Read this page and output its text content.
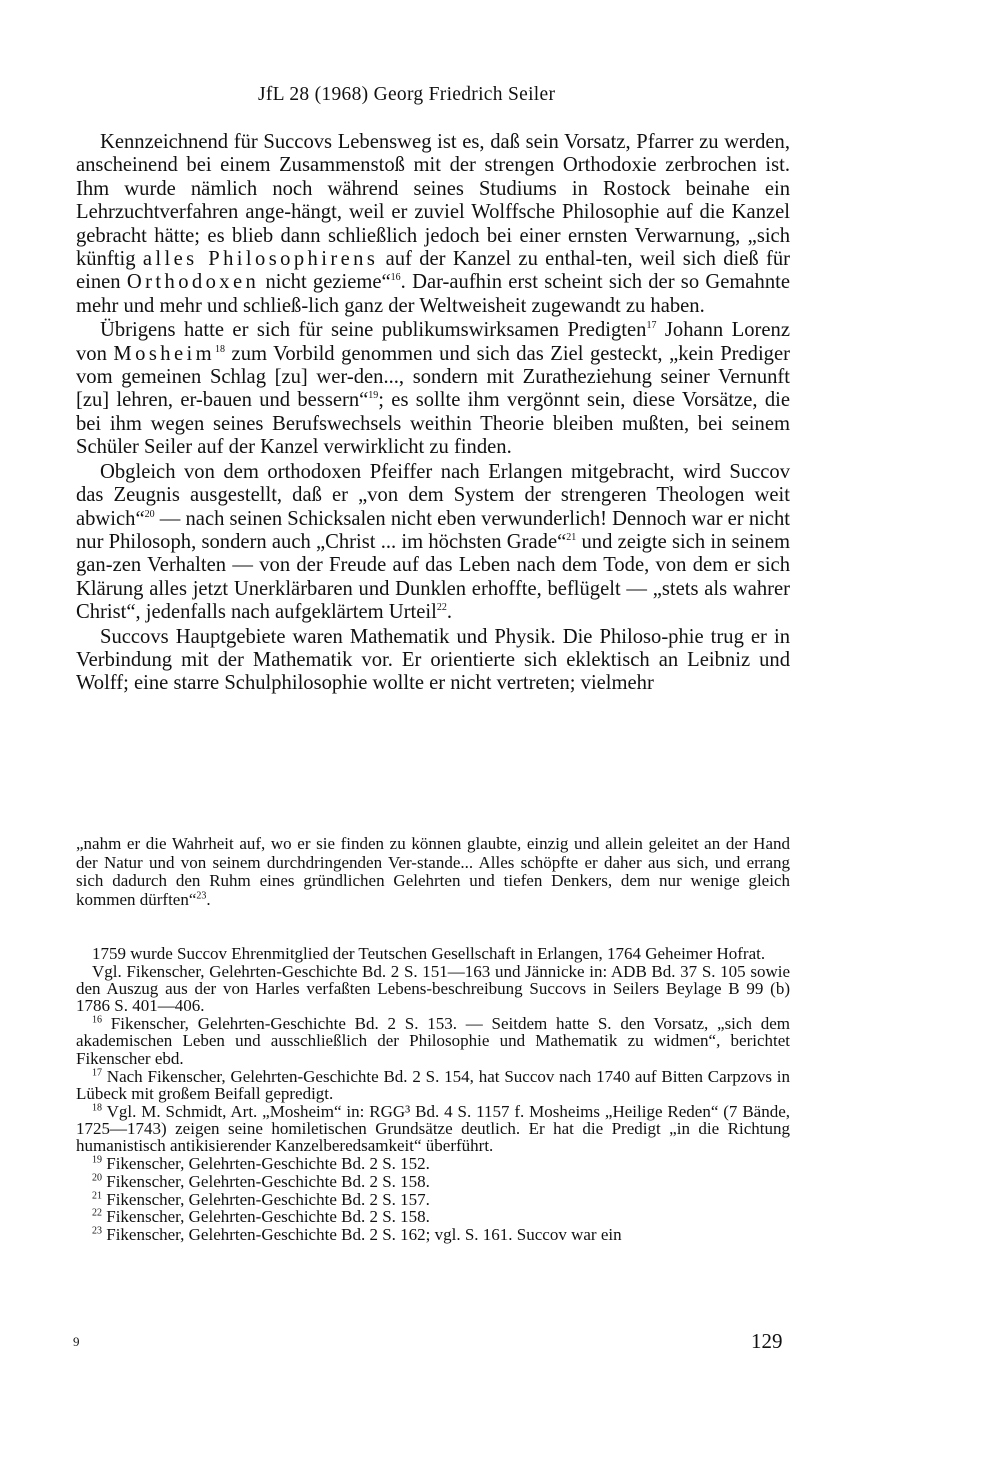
JfL 28 (1968) Georg Friedrich Seiler

Kennzeichnend für Succovs Lebensweg ist es, daß sein Vorsatz, Pfarrer zu werden, anscheinend bei einem Zusammenstoß mit der strengen Orthodoxie zerbrochen ist. Ihm wurde nämlich noch während seines Studiums in Rostock beinahe ein Lehrzuchtverfahren ange-hängt, weil er zuviel Wolffsche Philosophie auf die Kanzel gebracht hätte; es blieb dann schließlich jedoch bei einer ernsten Verwarnung, „sich künftig alles Philosophirens auf der Kanzel zu enthal-ten, weil sich dieß für einen Orthodoxen nicht gezieme“$^{16}$. Dar-aufhin erst scheint sich der so Gemahnte mehr und mehr und schließ-lich ganz der Weltweisheit zugewandt zu haben.

Übrigens hatte er sich für seine publikumswirksamen Predigten$^{17}$ Johann Lorenz von Mosheim$^{18}$ zum Vorbild genommen und sich das Ziel gesteckt, „kein Prediger vom gemeinen Schlag [zu] wer-den..., sondern mit Zuratheziehung seiner Vernunft [zu] lehren, er-bauen und bessern“$^{19}$; es sollte ihm vergönnt sein, diese Vorsätze, die bei ihm wegen seines Berufswechsels weithin Theorie bleiben mußten, bei seinem Schüler Seiler auf der Kanzel verwirklicht zu finden.

Obgleich von dem orthodoxen Pfeiffer nach Erlangen mitgebracht, wird Succov das Zeugnis ausgestellt, daß er „von dem System der strengeren Theologen weit abwich“$^{20}$ — nach seinen Schicksalen nicht eben verwunderlich! Dennoch war er nicht nur Philosoph, sondern auch „Christ ... im höchsten Grade“$^{21}$ und zeigte sich in seinem gan-zen Verhalten — von der Freude auf das Leben nach dem Tode, von dem er sich Klärung alles jetzt Unerklärbaren und Dunklen erhoffte, beflügelt — „stets als wahrer Christ“, jedenfalls nach aufgeklärtem Urteil$^{22}$.

Succovs Hauptgebiete waren Mathematik und Physik. Die Philoso-phie trug er in Verbindung mit der Mathematik vor. Er orientierte sich eklektisch an Leibniz und Wolff; eine starre Schulphilosophie wollte er nicht vertreten; vielmehr

„nahm er die Wahrheit auf, wo er sie finden zu können glaubte, einzig und allein geleitet an der Hand der Natur und von seinem durchdringenden Ver-stande... Alles schöpfte er daher aus sich, und errang sich dadurch den Ruhm eines gründlichen Gelehrten und tiefen Denkers, dem nur wenige gleich kommen dürften“$^{23}$.

1759 wurde Succov Ehrenmitglied der Teutschen Gesellschaft in Erlangen, 1764 Geheimer Hofrat.

Vgl. Fikenscher, Gelehrten-Geschichte Bd. 2 S. 151—163 und Jännicke in: ADB Bd. 37 S. 105 sowie den Auszug aus der von Harles verfaßten Lebens-beschreibung Succovs in Seilers Beylage B 99 (b) 1786 S. 401—406.

$^{16}$ Fikenscher, Gelehrten-Geschichte Bd. 2 S. 153. — Seitdem hatte S. den Vorsatz, „sich dem akademischen Leben und ausschließlich der Philosophie und Mathematik zu widmen“, berichtet Fikenscher ebd.

$^{17}$ Nach Fikenscher, Gelehrten-Geschichte Bd. 2 S. 154, hat Succov nach 1740 auf Bitten Carpzovs in Lübeck mit großem Beifall gepredigt.

$^{18}$ Vgl. M. Schmidt, Art. „Mosheim“ in: RGG³ Bd. 4 S. 1157 f. Mosheims „Heilige Reden“ (7 Bände, 1725—1743) zeigen seine homiletischen Grundsätze deutlich. Er hat die Predigt „in die Richtung humanistisch antikisierender Kanzelberedsamkeit“ überführt.

$^{19}$ Fikenscher, Gelehrten-Geschichte Bd. 2 S. 152.

$^{20}$ Fikenscher, Gelehrten-Geschichte Bd. 2 S. 158.

$^{21}$ Fikenscher, Gelehrten-Geschichte Bd. 2 S. 157.

$^{22}$ Fikenscher, Gelehrten-Geschichte Bd. 2 S. 158.

$^{23}$ Fikenscher, Gelehrten-Geschichte Bd. 2 S. 162; vgl. S. 161. Succov war ein

9	129
